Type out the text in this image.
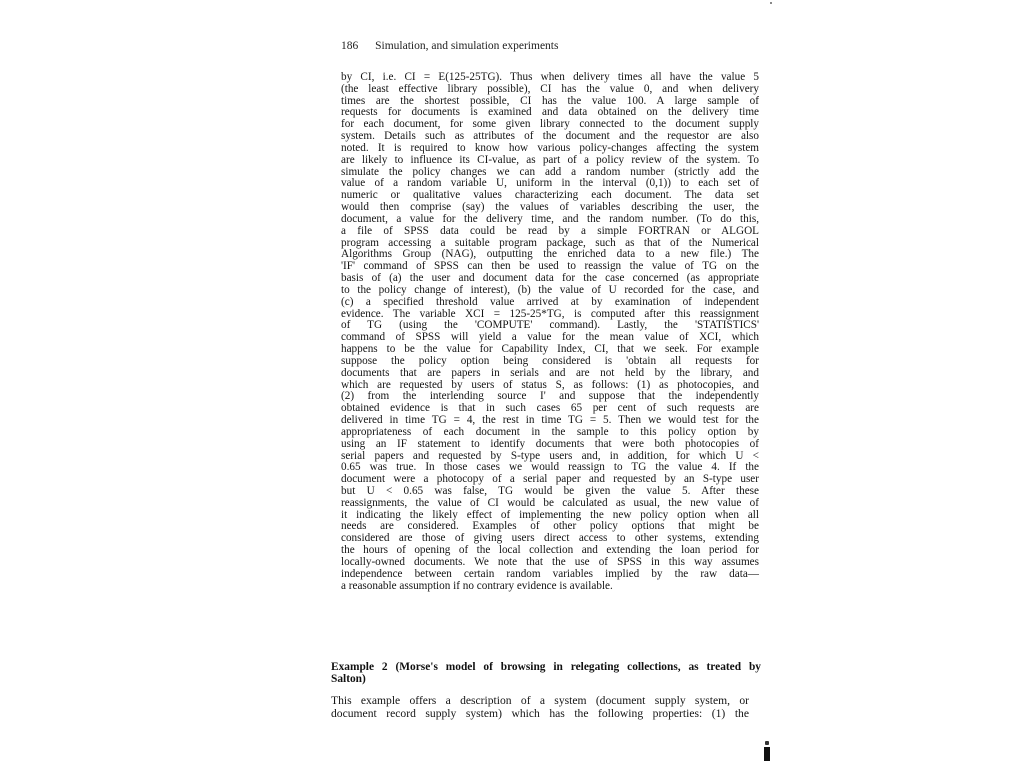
186 Simulation, and simulation experiments
by CI, i.e. CI = E(125-25TG). Thus when delivery times all have the value 5
(the least effective library possible), CI has the value 0, and when delivery
times are the shortest possible, CI has the value 100. A large sample of
requests for documents is examined and data obtained on the delivery time
for each document, for some given library connected to the document supply
system. Details such as attributes of the document and the requestor are also
noted. It is required to know how various policy-changes affecting the system
are likely to influence its CI-value, as part of a policy review of the system. To
simulate the policy changes we can add a random number (strictly add the
value of a random variable U, uniform in the interval (0,1)) to each set of
numeric or qualitative values characterizing each document. The data set
would then comprise (say) the values of variables describing the user, the
document, a value for the delivery time, and the random number. (To do this,
a file of SPSS data could be read by a simple FORTRAN or ALGOL
program accessing a suitable program package, such as that of the Numerical
Algorithms Group (NAG), outputting the enriched data to a new file.) The
'IF' command of SPSS can then be used to reassign the value of TG on the
basis of (a) the user and document data for the case concerned (as appropriate
to the policy change of interest), (b) the value of U recorded for the case, and
(c) a specified threshold value arrived at by examination of independent
evidence. The variable XCI = 125-25*TG, is computed after this reassignment
of TG (using the 'COMPUTE' command). Lastly, the 'STATISTICS'
command of SPSS will yield a value for the mean value of XCI, which
happens to be the value for Capability Index, CI, that we seek. For example
suppose the policy option being considered is 'obtain all requests for
documents that are papers in serials and are not held by the library, and
which are requested by users of status S, as follows: (1) as photocopies, and
(2) from the interlending source I' and suppose that the independently
obtained evidence is that in such cases 65 per cent of such requests are
delivered in time TG = 4, the rest in time TG = 5. Then we would test for the
appropriateness of each document in the sample to this policy option by
using an IF statement to identify documents that were both photocopies of
serial papers and requested by S-type users and, in addition, for which U <
0.65 was true. In those cases we would reassign to TG the value 4. If the
document were a photocopy of a serial paper and requested by an S-type user
but U < 0.65 was false, TG would be given the value 5. After these
reassignments, the value of CI would be calculated as usual, the new value of
it indicating the likely effect of implementing the new policy option when all
needs are considered. Examples of other policy options that might be
considered are those of giving users direct access to other systems, extending
the hours of opening of the local collection and extending the loan period for
locally-owned documents. We note that the use of SPSS in this way assumes
independence between certain random variables implied by the raw data—
a reasonable assumption if no contrary evidence is available.
Example 2 (Morse's model of browsing in relegating collections, as treated by
Salton)
This example offers a description of a system (document supply system, or
document record supply system) which has the following properties: (1) the
